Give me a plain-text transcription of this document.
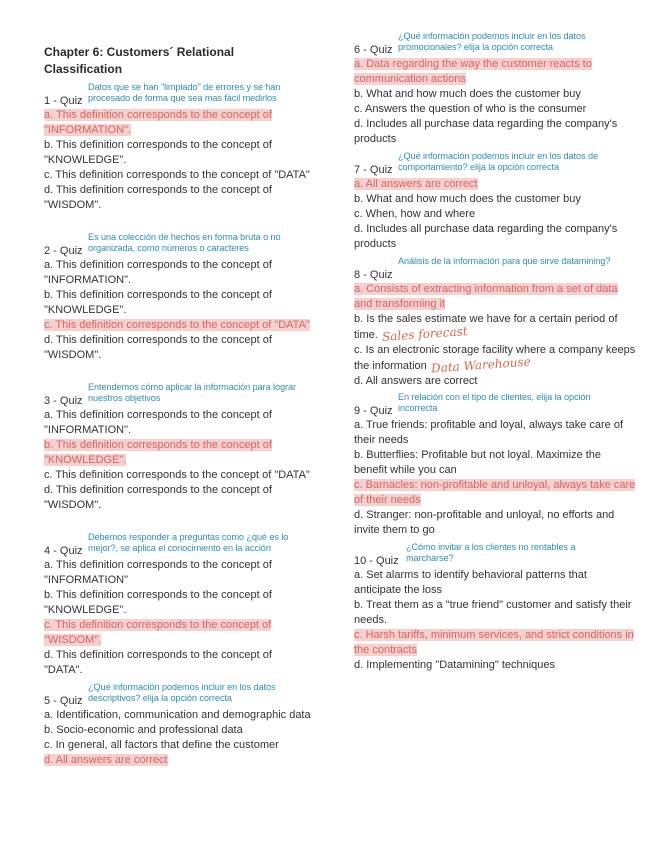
Chapter 6: Customers´ Relational Classification
1 - Quiz
Datos que se han "limpiado" de errores y se han procesado de forma que sea mas fácil medirlos
a. This definition corresponds to the concept of "INFORMATION".
b. This definition corresponds to the concept of "KNOWLEDGE".
c. This definition corresponds to the concept of "DATA"
d. This definition corresponds to the concept of "WISDOM".
2 - Quiz
Es una colección de hechos en forma bruta o no organizada, como números o caracteres
a. This definition corresponds to the concept of "INFORMATION".
b. This definition corresponds to the concept of "KNOWLEDGE".
c. This definition corresponds to the concept of "DATA"
d. This definition corresponds to the concept of "WISDOM".
3 - Quiz
Entendemos cómo aplicar la información para lograr nuestros objetivos
a. This definition corresponds to the concept of "INFORMATION".
b. This definition corresponds to the concept of "KNOWLEDGE".
c. This definition corresponds to the concept of "DATA"
d. This definition corresponds to the concept of "WISDOM".
4 - Quiz
Debemos responder a preguntas como ¿qué es lo mejor?, se aplica el conocimiento en la acción
a. This definition corresponds to the concept of "INFORMATION"
b. This definition corresponds to the concept of "KNOWLEDGE".
c. This definition corresponds to the concept of "WISDOM".
d. This definition corresponds to the concept of "DATA".
5 - Quiz
¿Qué información podemos incluir en los datos descriptivos? elija la opción correcta
a. Identification, communication and demographic data
b. Socio-economic and professional data
c. In general, all factors that define the customer
d. All answers are correct
6 - Quiz
¿Qué información podemos incluir en los datos promocionales? elija la opción correcta
a. Data regarding the way the customer reacts to communication actions
b. What and how much does the customer buy
c. Answers the question of who is the consumer
d. Includes all purchase data regarding the company's products
7 - Quiz
¿Qué información podemos incluir en los datos de comportamiento? elija la opción correcta
a. All answers are correct
b. What and how much does the customer buy
c. When, how and where
d. Includes all purchase data regarding the company's products
8 - Quiz
Análisis de la información para que sirve datamining?
a. Consists of extracting information from a set of data and transforming it
b. Is the sales estimate we have for a certain period of time. Sales forecast
c. Is an electronic storage facility where a company keeps the information Data Warehouse
d. All answers are correct
9 - Quiz
En relación con el tipo de clientes, elija la opción incorrecta
a. True friends: profitable and loyal, always take care of their needs
b. Butterflies: Profitable but not loyal. Maximize the benefit while you can
c. Barnacles: non-profitable and unloyal, always take care of their needs
d. Stranger: non-profitable and unloyal, no efforts and invite them to go
10 - Quiz
¿Cómo invitar a los clientes no rentables a marcharse?
a. Set alarms to identify behavioral patterns that anticipate the loss
b. Treat them as a "true friend" customer and satisfy their needs.
c. Harsh tariffs, minimum services, and strict conditions in the contracts
d. Implementing "Datamining" techniques
